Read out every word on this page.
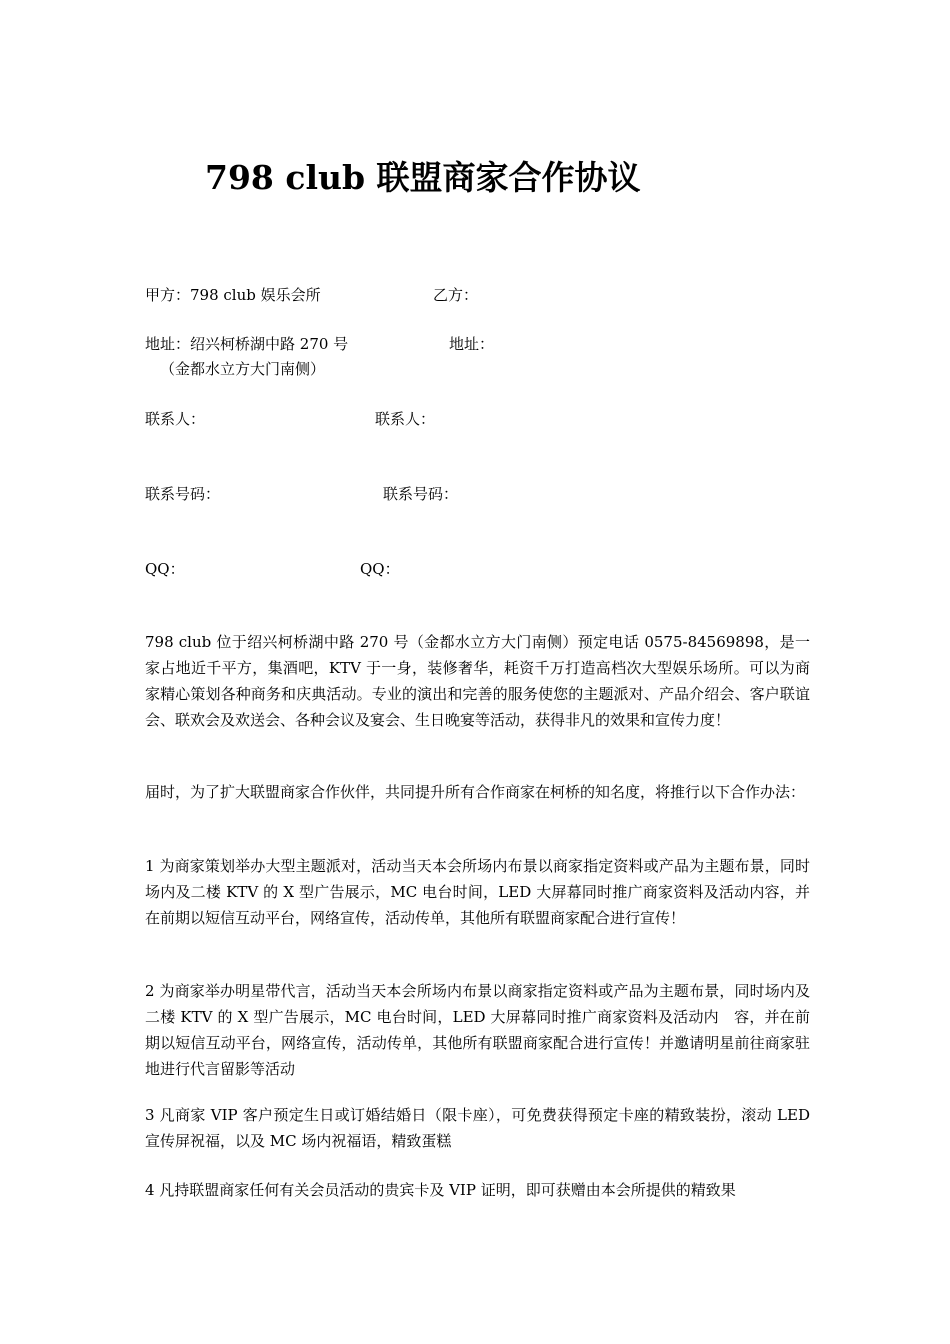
798 club 联盟商家合作协议
甲方：798 club 娱乐会所	乙方：
地址：绍兴柯桥湖中路 270 号	地址：
（金都水立方大门南侧）
联系人：	联系人：
联系号码：	联系号码：
QQ：	QQ：

798 club 位于绍兴柯桥湖中路 270 号（金都水立方大门南侧）预定电话 0575-84569898，是一家占地近千平方，集酒吧，KTV 于一身，装修奢华，耗资千万打造高档次大型娱乐场所。可以为商家精心策划各种商务和庆典活动。专业的演出和完善的服务使您的主题派对、产品介绍会、客户联谊会、联欢会及欢送会、各种会议及宴会、生日晚宴等活动，获得非凡的效果和宣传力度！

届时，为了扩大联盟商家合作伙伴，共同提升所有合作商家在柯桥的知名度，将推行以下合作办法：

1 为商家策划举办大型主题派对，活动当天本会所场内布景以商家指定资料或产品为主题布景，同时场内及二楼 KTV 的 X 型广告展示，MC 电台时间，LED 大屏幕同时推广商家资料及活动内容，并在前期以短信互动平台，网络宣传，活动传单，其他所有联盟商家配合进行宣传！

2 为商家举办明星带代言，活动当天本会所场内布景以商家指定资料或产品为主题布景，同时场内及二楼 KTV 的 X 型广告展示，MC 电台时间，LED 大屏幕同时推广商家资料及活动内　容，并在前期以短信互动平台，网络宣传，活动传单，其他所有联盟商家配合进行宣传！并邀请明星前往商家驻地进行代言留影等活动

3 凡商家 VIP 客户预定生日或订婚结婚日（限卡座），可免费获得预定卡座的精致装扮，滚动 LED 宣传屏祝福，以及 MC 场内祝福语，精致蛋糕

4 凡持联盟商家任何有关会员活动的贵宾卡及 VIP 证明，即可获赠由本会所提供的精致果
